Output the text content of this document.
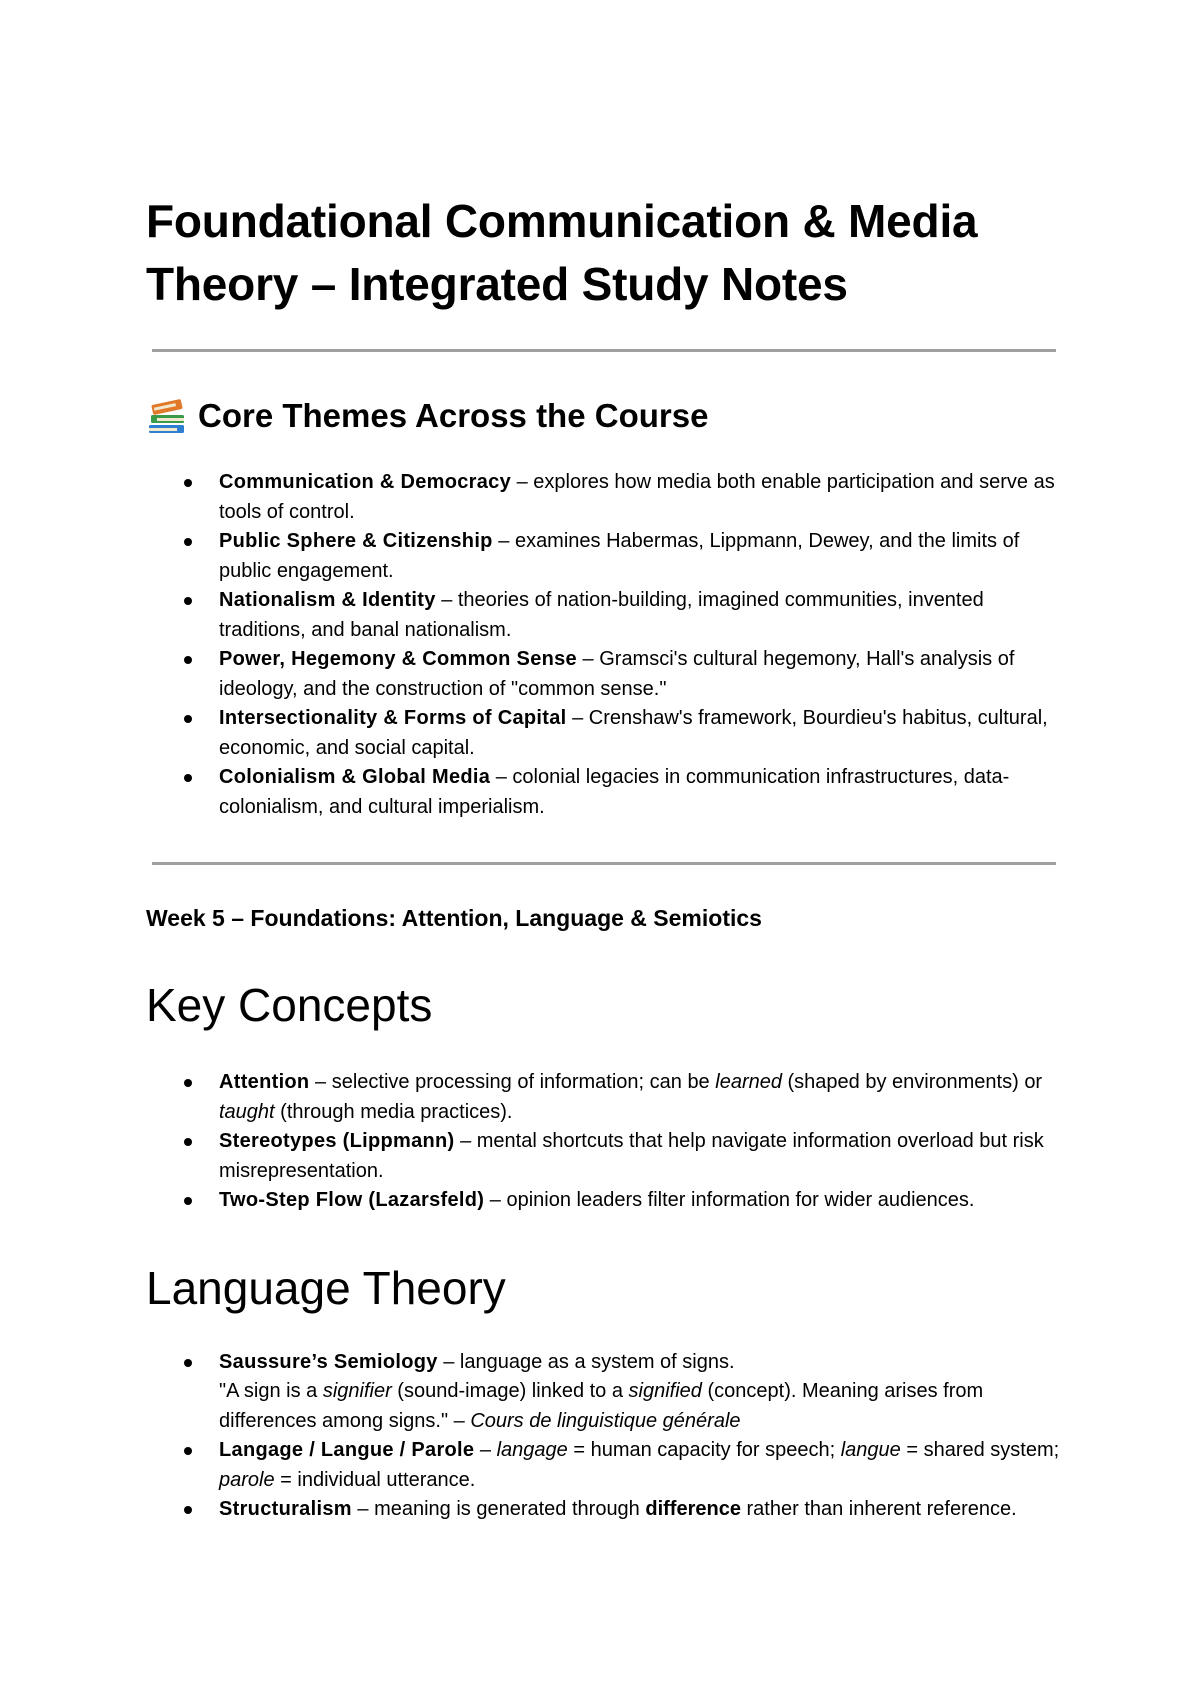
Foundational Communication & Media
Theory – Integrated Study Notes
Core Themes Across the Course
Communication & Democracy – explores how media both enable participation and serve as tools of control.
Public Sphere & Citizenship – examines Habermas, Lippmann, Dewey, and the limits of public engagement.
Nationalism & Identity – theories of nation-building, imagined communities, invented traditions, and banal nationalism.
Power, Hegemony & Common Sense – Gramsci's cultural hegemony, Hall's analysis of ideology, and the construction of "common sense."
Intersectionality & Forms of Capital – Crenshaw's framework, Bourdieu's habitus, cultural, economic, and social capital.
Colonialism & Global Media – colonial legacies in communication infrastructures, data-colonialism, and cultural imperialism.
Week 5 – Foundations: Attention, Language & Semiotics
Key Concepts
Attention – selective processing of information; can be learned (shaped by environments) or taught (through media practices).
Stereotypes (Lippmann) – mental shortcuts that help navigate information overload but risk misrepresentation.
Two-Step Flow (Lazarsfeld) – opinion leaders filter information for wider audiences.
Language Theory
Saussure’s Semiology – language as a system of signs.
"A sign is a signifier (sound-image) linked to a signified (concept). Meaning arises from differences among signs." – Cours de linguistique générale
Langage / Langue / Parole – langage = human capacity for speech; langue = shared system; parole = individual utterance.
Structuralism – meaning is generated through difference rather than inherent reference.
